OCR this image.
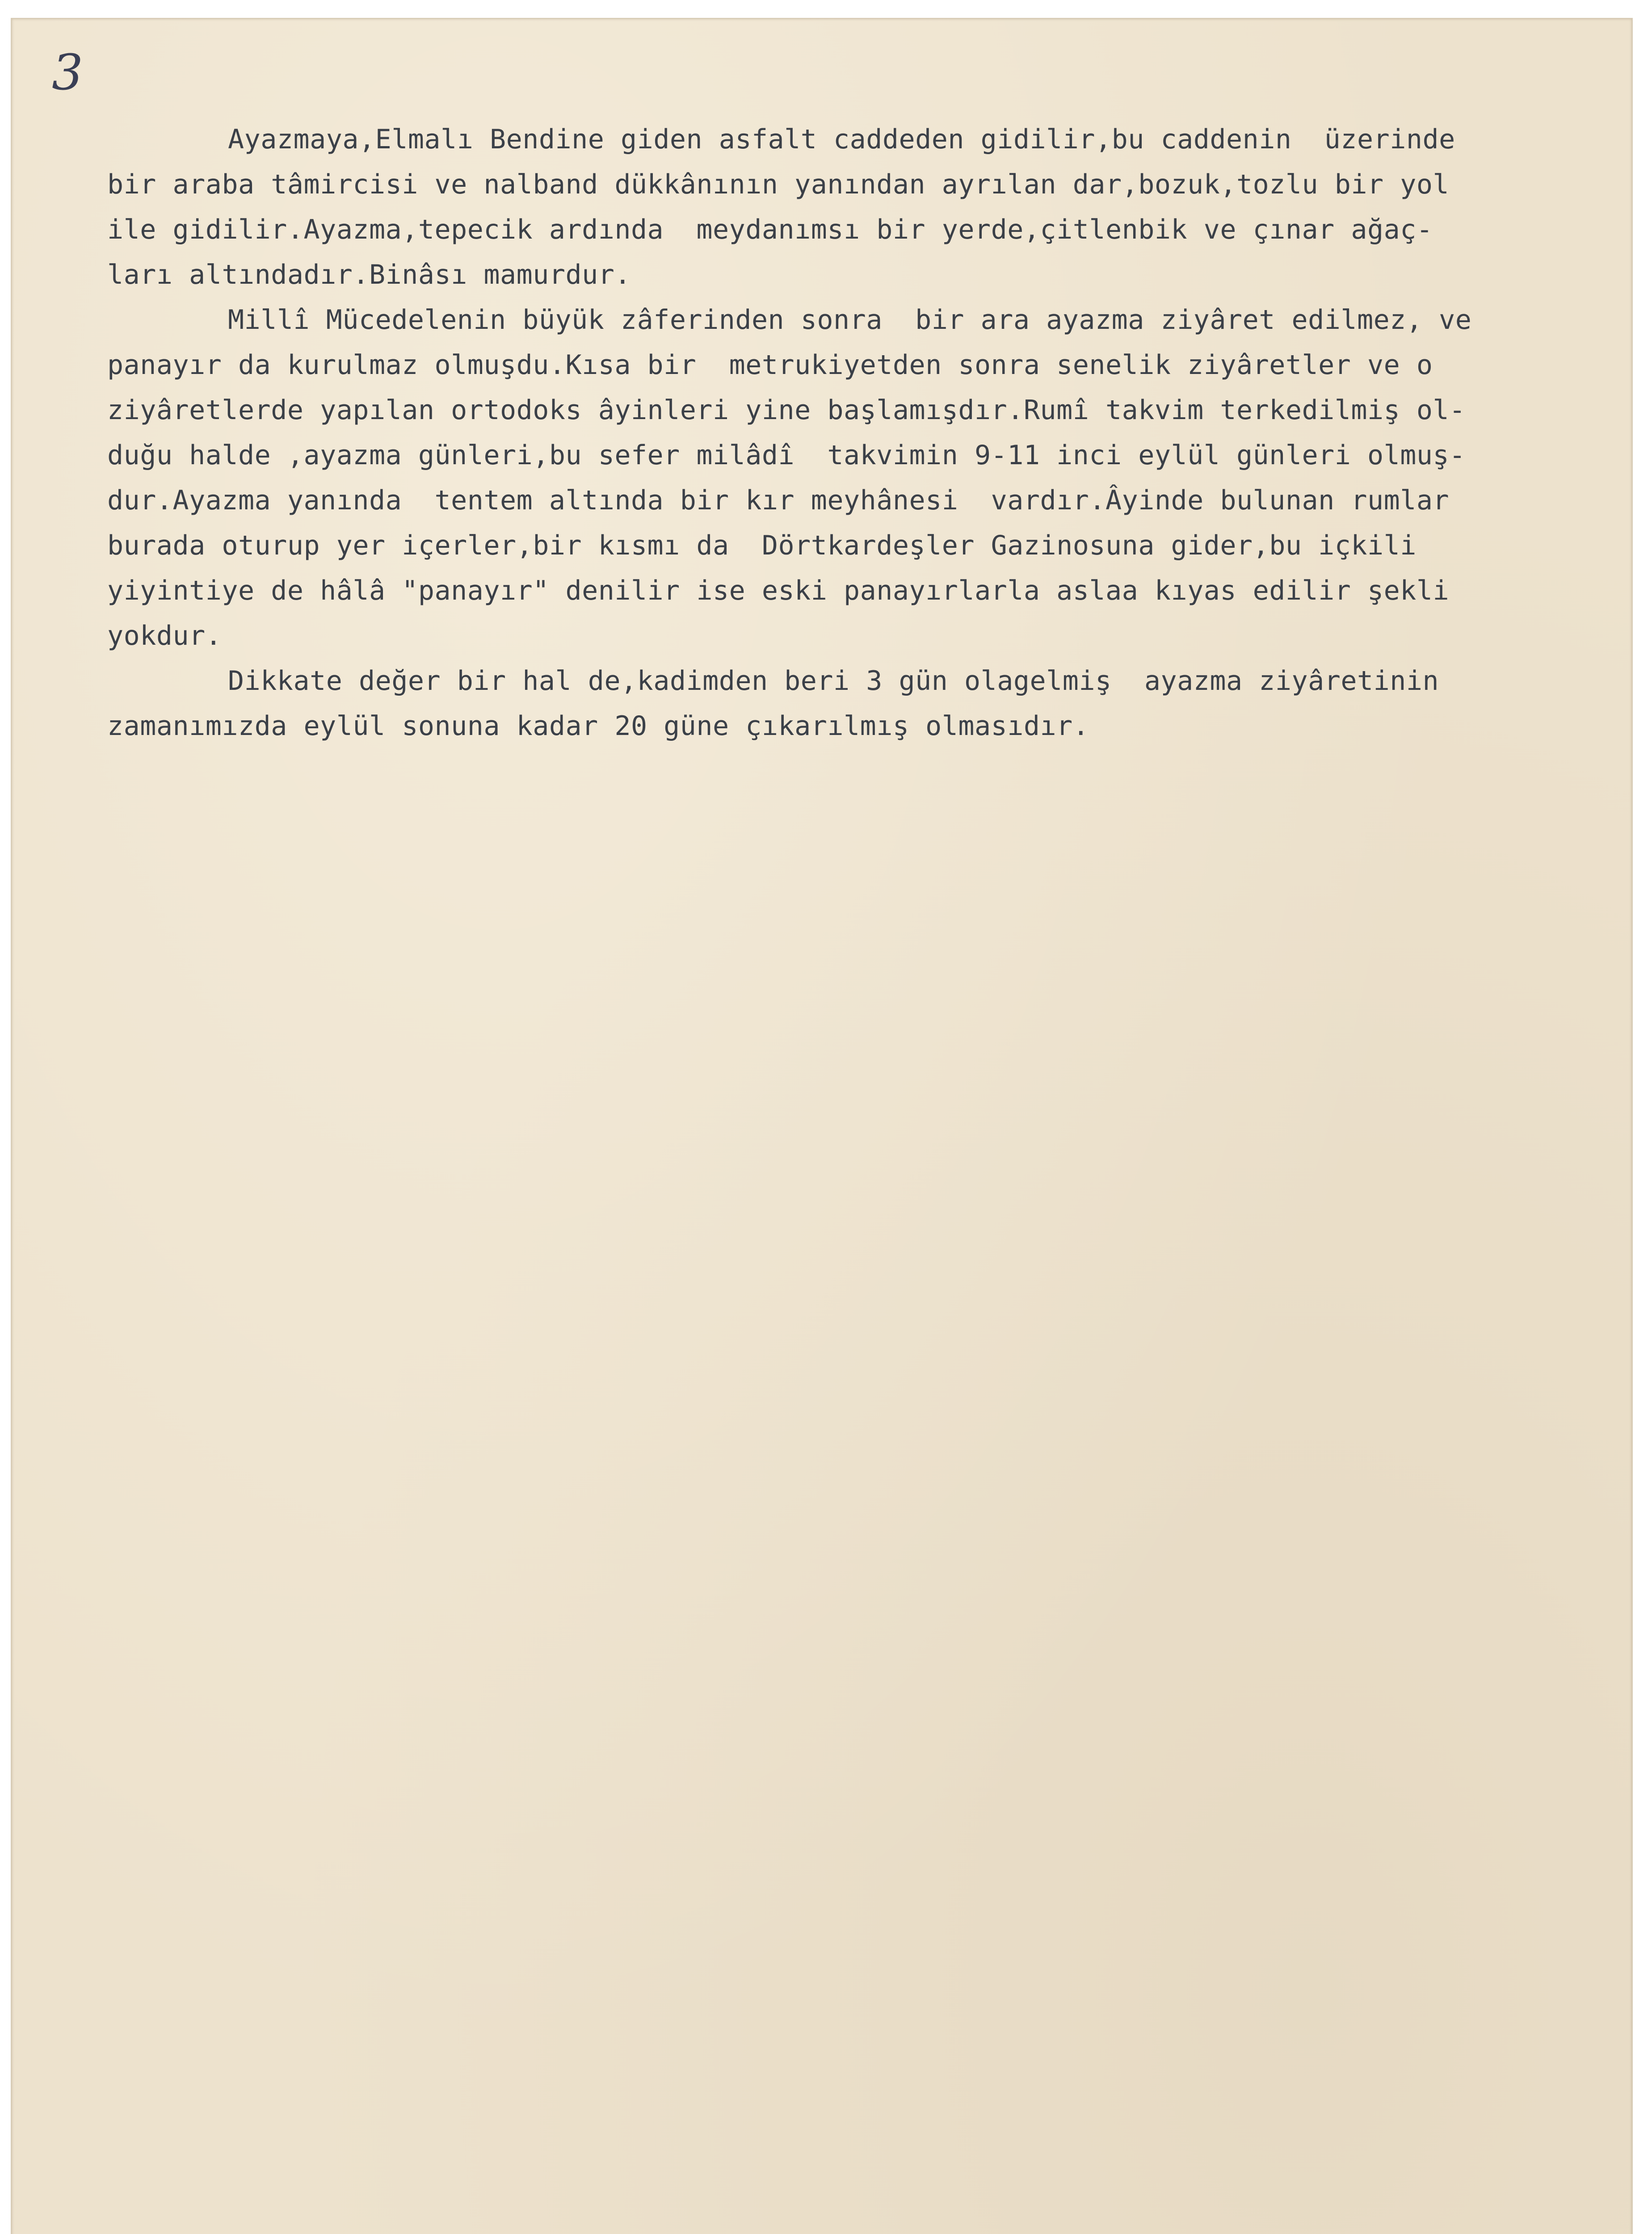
3
Ayazmaya,Elmalı Bendine giden asfalt caddeden gidilir,bu caddenin  üzerinde
bir araba tâmircisi ve nalband dükkânının yanından ayrılan dar,bozuk,tozlu bir yol
ile gidilir.Ayazma,tepecik ardında  meydanımsı bir yerde,çitlenbik ve çınar ağaç-
ları altındadır.Binâsı mamurdur.
Millî Mücedelenin büyük zâferinden sonra  bir ara ayazma ziyâret edilmez, ve
panayır da kurulmaz olmuşdu.Kısa bir  metrukiyetden sonra senelik ziyâretler ve o
ziyâretlerde yapılan ortodoks âyinleri yine başlamışdır.Rumî takvim terkedilmiş ol-
duğu halde ,ayazma günleri,bu sefer milâdî  takvimin 9-11 inci eylül günleri olmuş-
dur.Ayazma yanında  tentem altında bir kır meyhânesi  vardır.Âyinde bulunan rumlar
burada oturup yer içerler,bir kısmı da  Dörtkardeşler Gazinosuna gider,bu içkili
yiyintiye de hâlâ "panayır" denilir ise eski panayırlarla aslaa kıyas edilir şekli
yokdur.
Dikkate değer bir hal de,kadimden beri 3 gün olagelmiş  ayazma ziyâretinin
zamanımızda eylül sonuna kadar 20 güne çıkarılmış olmasıdır.
